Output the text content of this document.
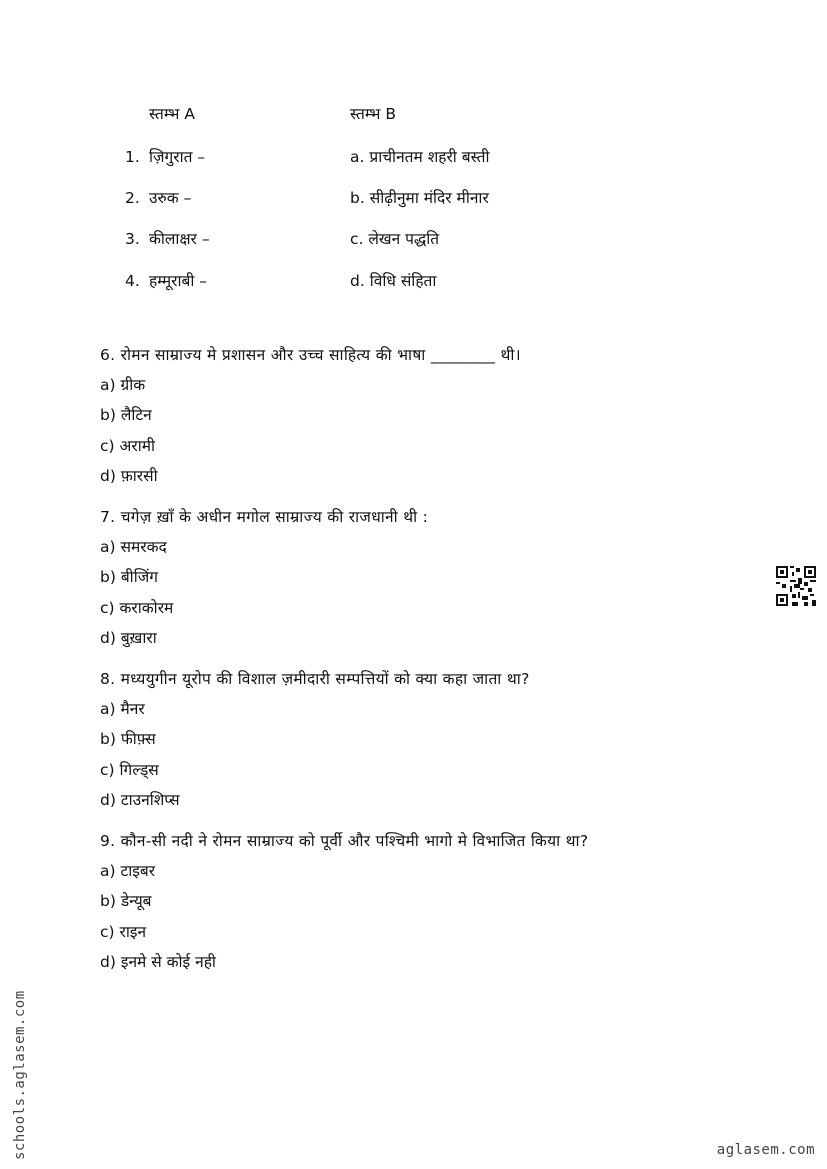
स्तम्भ A	स्तम्भ B
1. ज़िगुरात –	a. प्राचीनतम शहरी बस्ती
2. उरुक –	b. सीढ़ीनुमा मंदिर मीनार
3. कीलाक्षर –	c. लेखन पद्धति
4. हम्मूराबी –	d. विधि संहिता
6. रोमन साम्राज्य मे प्रशासन और उच्च साहित्य की भाषा ________ थी।
a) ग्रीक
b) लैटिन
c) अरामी
d) फ़ारसी
7. चगेज़ ख़ाँ के अधीन मगोल साम्राज्य की राजधानी थी :
a) समरकद
b) बीजिंग
c) कराकोरम
d) बुख़ारा
8. मध्ययुगीन यूरोप की विशाल ज़मीदारी सम्पत्तियों को क्या कहा जाता था?
a) मैनर
b) फीफ़्स
c) गिल्ड्स
d) टाउनशिप्स
9. कौन-सी नदी ने रोमन साम्राज्य को पूर्वी और पश्चिमी भागो मे विभाजित किया था?
a) टाइबर
b) डेन्यूब
c) राइन
d) इनमे से कोई नही
schools.aglasem.com	aglasem.com
